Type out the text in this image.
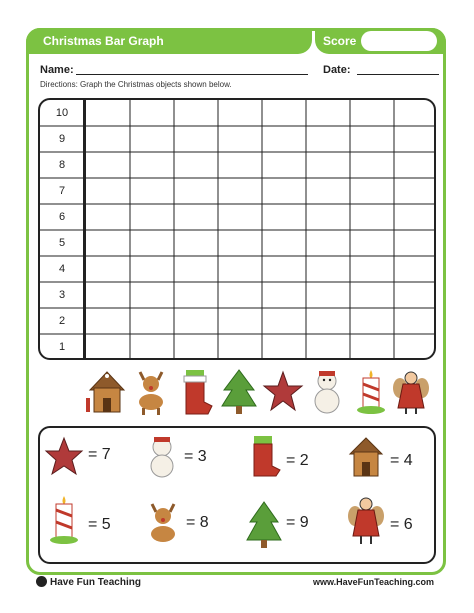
Christmas Bar Graph	Score
Name:	Date:
Directions: Graph the Christmas objects shown below.
10
9
8
7
6
5
4
3
2
1
= 7	= 3	= 2	= 4
= 5	= 8	= 9	= 6
Have Fun Teaching	www.HaveFunTeaching.com
